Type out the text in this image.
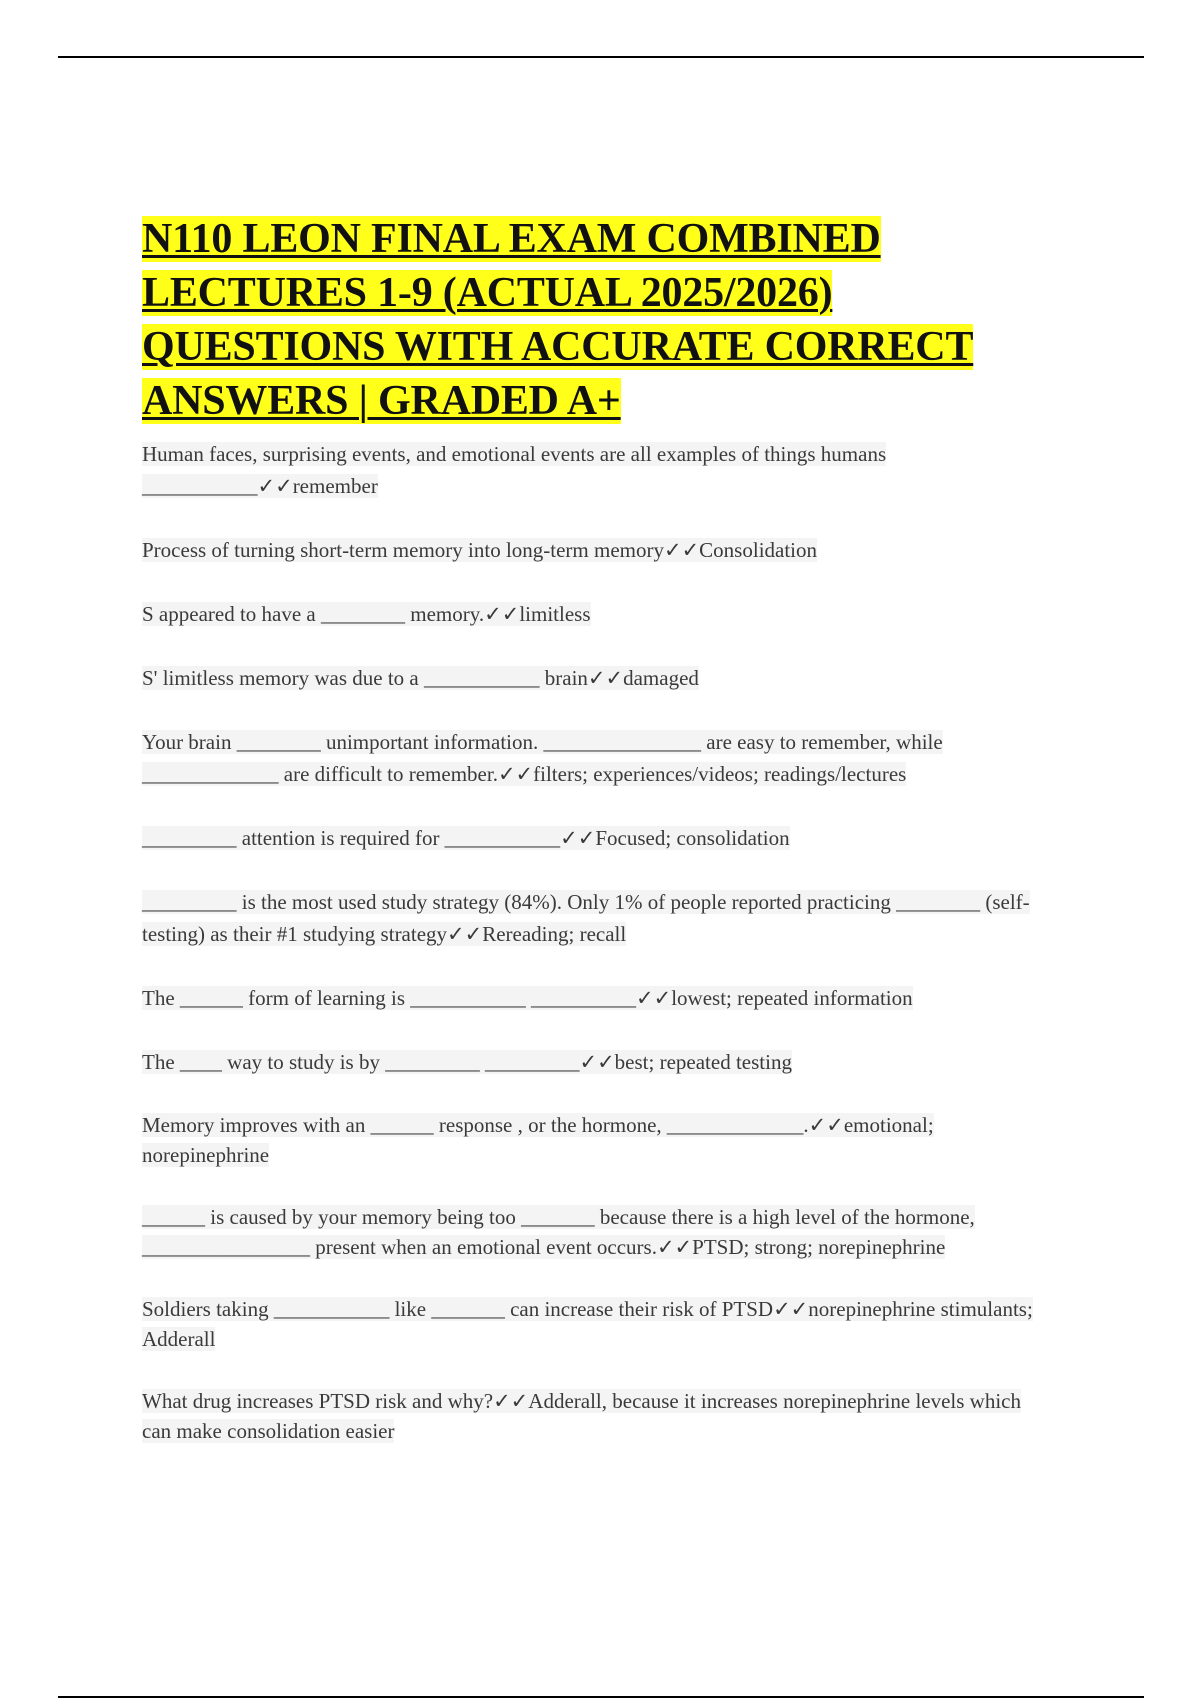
N110 LEON FINAL EXAM COMBINED LECTURES 1-9 (ACTUAL 2025/2026) QUESTIONS WITH ACCURATE CORRECT ANSWERS | GRADED A+

Human faces, surprising events, and emotional events are all examples of things humans ___________✓✓remember

Process of turning short-term memory into long-term memory✓✓Consolidation

S appeared to have a ________ memory.✓✓limitless

S' limitless memory was due to a ___________ brain✓✓damaged

Your brain ________ unimportant information. _______________ are easy to remember, while _____________ are difficult to remember.✓✓filters; experiences/videos; readings/lectures

_________ attention is required for ___________✓✓Focused; consolidation

_________ is the most used study strategy (84%). Only 1% of people reported practicing ________ (self-testing) as their #1 studying strategy✓✓Rereading; recall

The ______ form of learning is ___________ __________✓✓lowest; repeated information

The ____ way to study is by _________ _________✓✓best; repeated testing

Memory improves with an ______ response , or the hormone, _____________.✓✓emotional; norepinephrine

______ is caused by your memory being too _______ because there is a high level of the hormone, ________________ present when an emotional event occurs.✓✓PTSD; strong; norepinephrine

Soldiers taking ___________ like _______ can increase their risk of PTSD✓✓norepinephrine stimulants; Adderall

What drug increases PTSD risk and why?✓✓Adderall, because it increases norepinephrine levels which can make consolidation easier
